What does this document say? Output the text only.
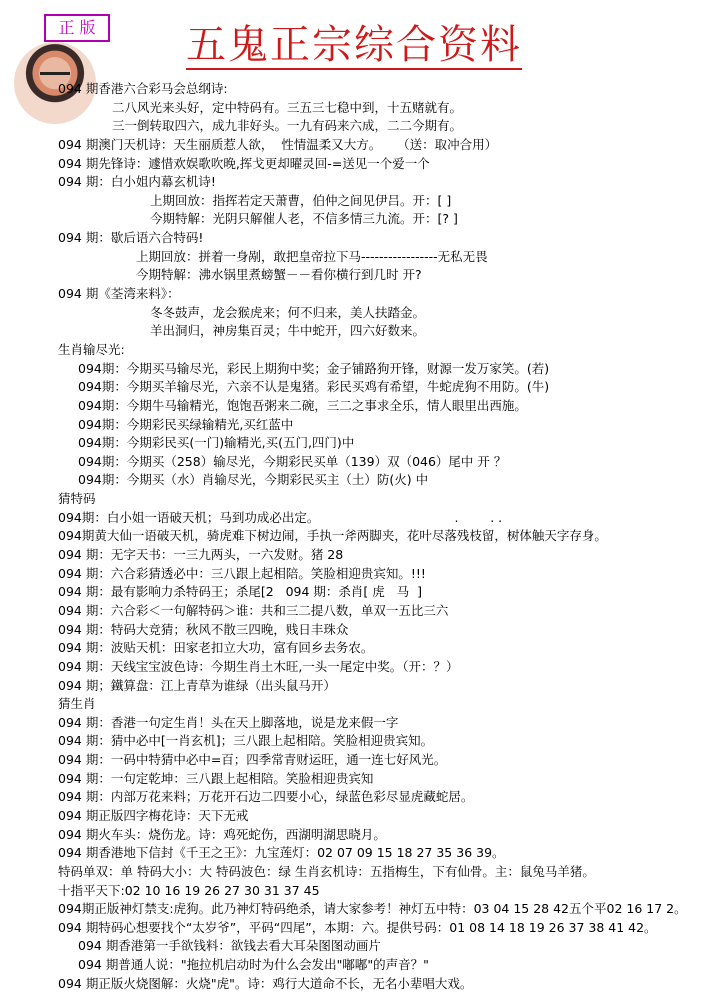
正 版	五鬼正宗综合资料
094 期香港六合彩马会总纲诗:
二八风光来头好，定中特码有。三五三七稳中到，十五赌就有。
三一倒转取四六，成九非好头。一九有码来六成，二二今期有。
094 期澳门天机诗：天生丽质惹人欲，  性情温柔又大方。    （送：取冲合用）
094 期先锋诗：遽惜欢娱歌吹晚,挥戈更却曜灵回-=送见一个爱一个
094 期：白小姐内幕玄机诗!
上期回放：指挥若定天萧曹，伯仲之间见伊吕。开：[ ]
今期特解：光阴只解催人老，不信多情三九流。开：[? ]
094 期：歇后语六合特码!
上期回放：拼着一身剐，敢把皇帝拉下马-----------------无私无畏
今期特解：沸水锅里煮螃蟹－－看你横行到几时 开?
094 期《荃湾来料》：
冬冬鼓声，龙会猴虎来；何不归来，美人扶踏金。
羊出洞归，神房集百灵；牛中蛇开，四六好数来。
生肖输尽光:
094期：今期买马输尽光，彩民上期狗中奖；金子铺路狗开锋，财源一发万家笑。(若)
094期：今期买羊输尽光，六亲不认是鬼猪。彩民买鸡有希望，牛蛇虎狗不用防。(牛)
094期：今期牛马输精光，饱饱吾粥来二碗，三二之事求全乐，情人眼里出西施。
094期：今期彩民买绿输精光,买红蓝中
094期：今期彩民买(一门)输精光,买(五门,四门)中
094期：今期买（258）输尽光，今期彩民买单（139）双（046）尾中 开 ？
094期：今期买（水）肖输尽光，今期彩民买主（土）防(火) 中
猜特码
094期：白小姐一语破天机；马到功成必出定。                                  .        . .
094期黄大仙一语破天机，骑虎难下树边闹，手执一斧两脚夹，花叶尽落残枝留，树体触天字存身。
094 期：无字天书：一三九两头，一六发财。猪 28
094 期：六合彩猜透必中：三八跟上起相陪。笑脸相迎贵宾知。!!!
094 期：最有影响力杀特码王；杀尾[2   094 期：杀肖[ 虎   马  ]
094 期：六合彩＜一句解特码＞谁：共和三二提八数，单双一五比三六
094 期：特码大竞猜；秋风不散三四晚，贱日丰珠众
094 期：波贴天机：田家老扣立大功，富有回乡去务农。
094 期：天线宝宝波色诗：今期生肖土木旺,一头一尾定中奖。（开：？）
094 期；鐵算盘：江上青草为谁绿（出头鼠马开）
猜生肖
094 期：香港一句定生肖！头在天上脚落地，说是龙来假一字
094 期：猜中必中[一肖玄机]；三八跟上起相陪。笑脸相迎贵宾知。
094 期：一码中特猜中必中=百；四季常青财运旺，通一连七好风光。
094 期：一句定乾坤：三八跟上起相陪。笑脸相迎贵宾知
094 期：内部万花来料；万花开石边二四要小心，绿蓝色彩尽显虎藏蛇居。
094 期正版四字梅花诗：天下无戒
094 期火车头：烧伤龙。诗：鸡死蛇伤，西湖明湖思晓月。
094 期香港地下信封《千王之王》：九宝莲灯：02 07 09 15 18 27 35 36 39。
特码单双：单 特码大小：大 特码波色：绿 生肖玄机诗：五指梅生，下有仙骨。主：鼠兔马羊猪。
十指平天下:02 10 16 19 26 27 30 31 37 45
094期正版神灯禁支:虎狗。此乃神灯特码绝杀，请大家参考！神灯五中特：03 04 15 28 42五个平02 16 17 2。
094 期特码心想要找个“太岁爷”，平码“四尾”，本期：六。提供号码：01 08 14 18 19 26 37 38 41 42。
094 期香港第一手欲钱料：欲钱去看大耳朵图图动画片
094 期普通人说："拖拉机启动时为什么会发出"嘟嘟"的声音？"
094 期正版火烧图解：火烧"虎"。诗：鸡行大道命不长，无名小辈唱大戏。
